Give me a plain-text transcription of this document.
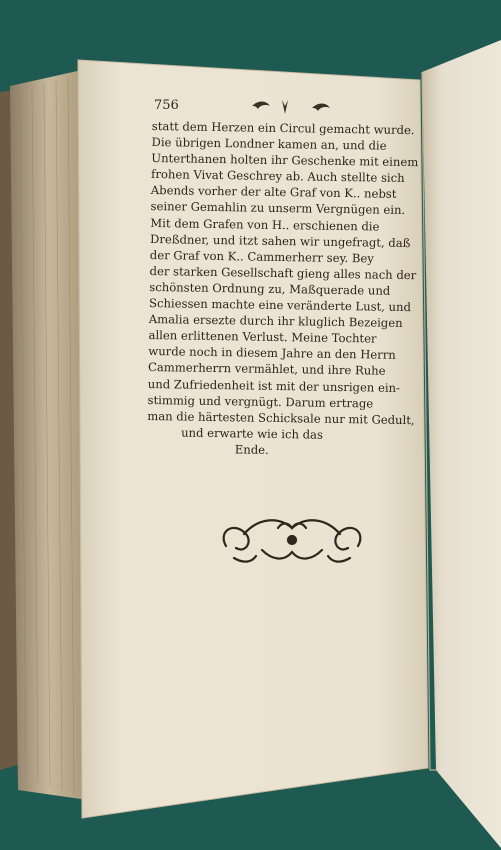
756
statt dem Herzen ein Circul gemacht wurde.
Die übrigen Londner kamen an, und die
Unterthanen holten ihr Geschenke mit einem
frohen Vivat Geschrey ab. Auch stellte sich
Abends vorher der alte Graf von K.. nebst
seiner Gemahlin zu unserm Vergnügen ein.
Mit dem Grafen von H.. erschienen die
Dreßdner, und itzt sahen wir ungefragt, daß
der Graf von K.. Cammerherr sey. Bey
der starken Gesellschaft gieng alles nach der
schönsten Ordnung zu, Maßquerade und
Schiessen machte eine veränderte Lust, und
Amalia ersezte durch ihr kluglich Bezeigen
allen erlittenen Verlust. Meine Tochter
wurde noch in diesem Jahre an den Herrn
Cammerherrn vermählet, und ihre Ruhe
und Zufriedenheit ist mit der unsrigen ein-
stimmig und vergnügt. Darum ertrage
man die härtesten Schicksale nur mit Gedult,
und erwarte wie ich das
Ende.
